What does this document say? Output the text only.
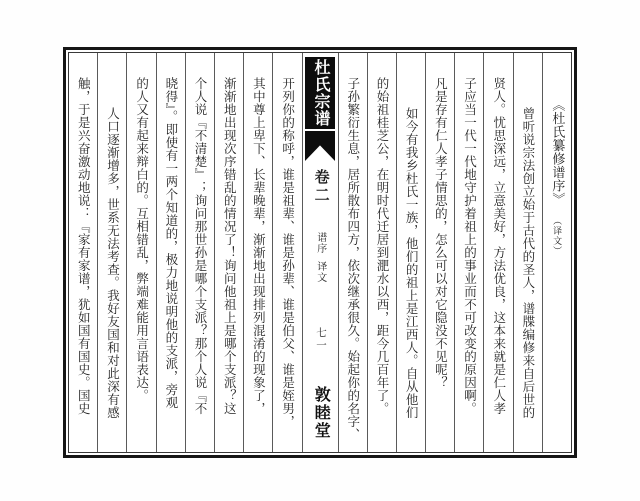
《杜氏纂修谱序》
（译文）
曾听说宗法创立始于古代的圣人，谱牒编修来自后世的
贤人。忧思深远，立意美好，方法优良，这本来就是仁人孝
子应当一代一代地守护着祖上的事业而不可改变的原因啊。
凡是存有仁人孝子情思的，怎么可以对它隐没不见呢？
如今有我乡杜氏一族，他们的祖上是江西人。自从他们
的始祖桂芝公，在明时代迁居到淝水以西，距今几百年了。
子孙繁衍生息，居所散布四方，依次继承很久。始起你的名字、
杜氏宗谱
卷二
谱序
译文
七一
敦睦堂
开列你的称呼，谁是祖辈、谁是孙辈、谁是伯父、谁是姪男，
其中尊上卑下、长辈晚辈，渐渐地出现排列混淆的现象了，
渐渐地出现次序错乱的情况了！询问他祖上是哪个支派？这
个人说『不清楚』；询问那世孙是哪个支派？那个人说『不
晓得』。即使有一两个知道的，极力地说明他的支派，旁观
的人又有起来辩白的。互相错乱，弊端难能用言语表达。
人口逐渐增多，世系无法考查。我好友国和对此深有感
触，于是兴奋激动地说：『家有家谱，犹如国有国史。国史
